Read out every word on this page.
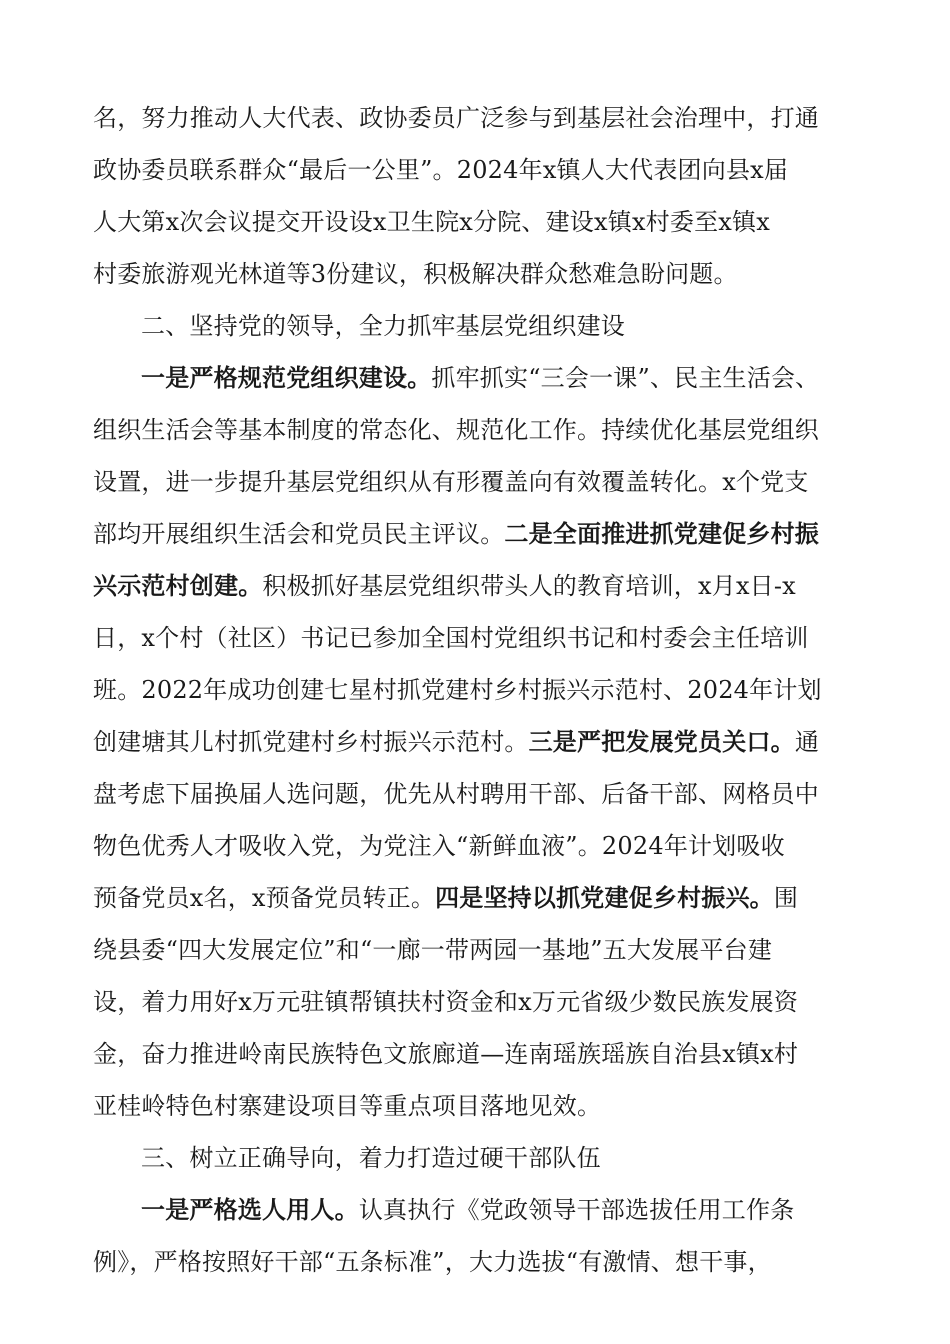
名，努力推动人大代表、政协委员广泛参与到基层社会治理中，打通
政协委员联系群众“最后一公里”。2024年x镇人大代表团向县x届
人大第x次会议提交开设设x卫生院x分院、建设x镇x村委至x镇x
村委旅游观光林道等3份建议，积极解决群众愁难急盼问题。
二、坚持党的领导，全力抓牢基层党组织建设
一是严格规范党组织建设。抓牢抓实“三会一课”、民主生活会、
组织生活会等基本制度的常态化、规范化工作。持续优化基层党组织
设置，进一步提升基层党组织从有形覆盖向有效覆盖转化。x个党支
部均开展组织生活会和党员民主评议。二是全面推进抓党建促乡村振
兴示范村创建。积极抓好基层党组织带头人的教育培训，x月x日-x
日，x个村（社区）书记已参加全国村党组织书记和村委会主任培训
班。2022年成功创建七星村抓党建村乡村振兴示范村、2024年计划
创建塘其儿村抓党建村乡村振兴示范村。三是严把发展党员关口。通
盘考虑下届换届人选问题，优先从村聘用干部、后备干部、网格员中
物色优秀人才吸收入党，为党注入“新鲜血液”。2024年计划吸收
预备党员x名，x预备党员转正。四是坚持以抓党建促乡村振兴。围
绕县委“四大发展定位”和“一廊一带两园一基地”五大发展平台建
设，着力用好x万元驻镇帮镇扶村资金和x万元省级少数民族发展资
金，奋力推进岭南民族特色文旅廊道—连南瑶族瑶族自治县x镇x村
亚桂岭特色村寨建设项目等重点项目落地见效。
三、树立正确导向，着力打造过硬干部队伍
一是严格选人用人。认真执行《党政领导干部选拔任用工作条
例》，严格按照好干部“五条标准”，大力选拔“有激情、想干事，
